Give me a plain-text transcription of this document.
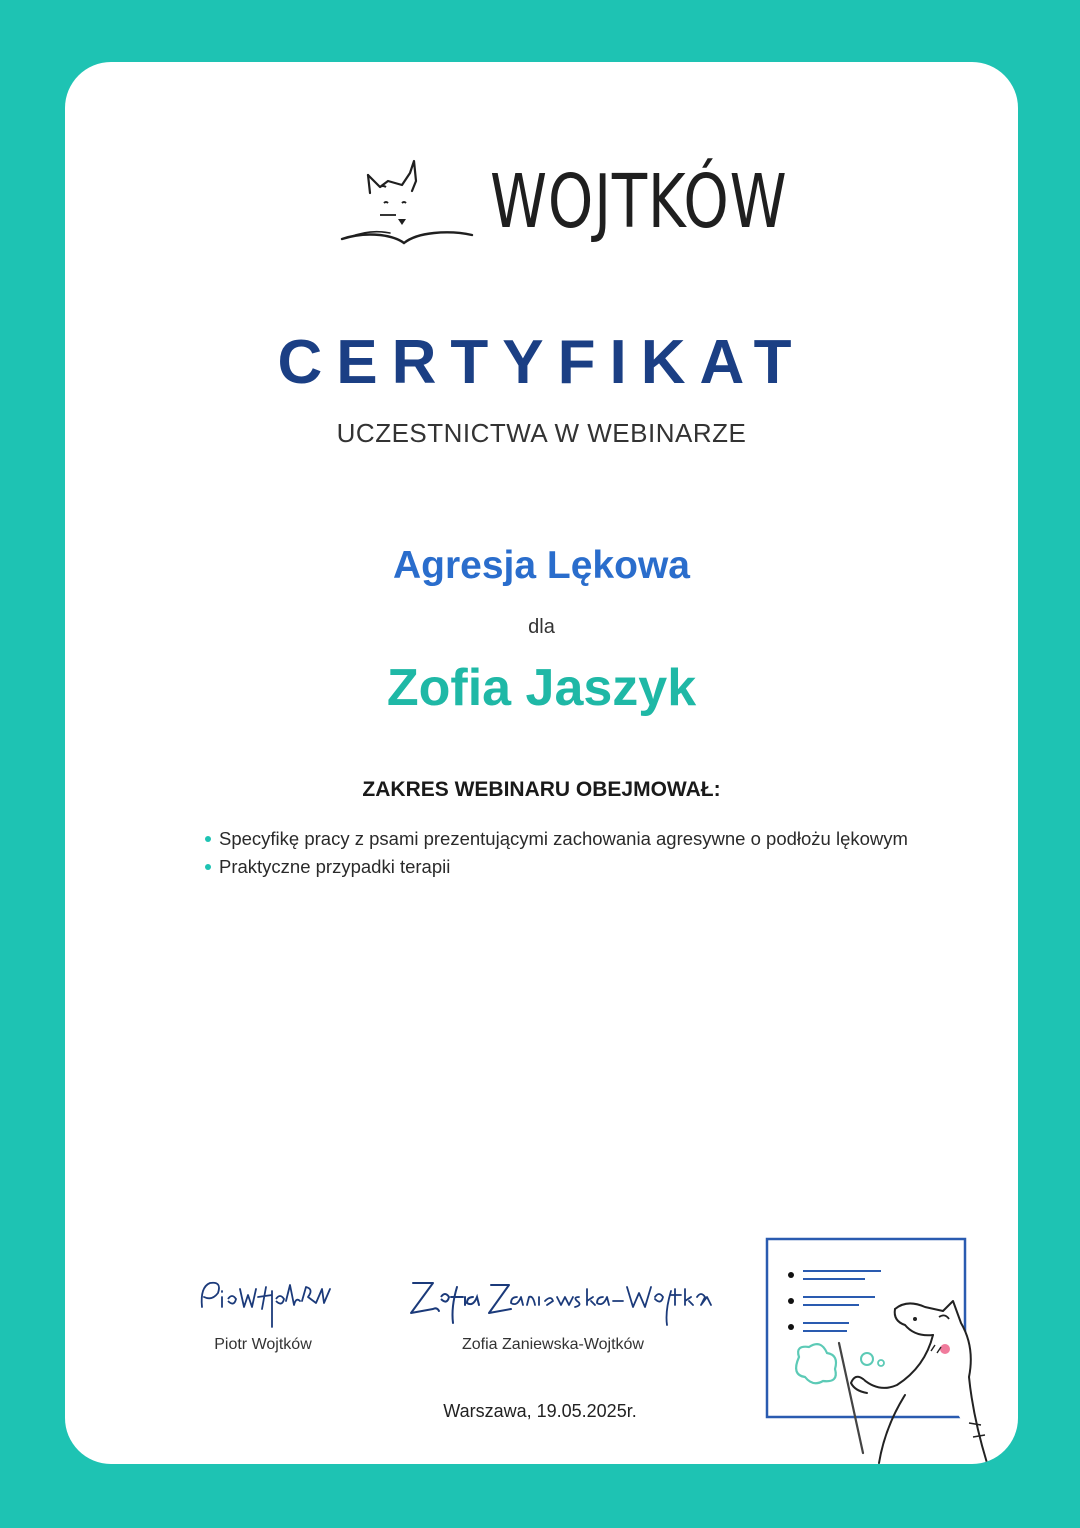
WOJTKÓW
CERTYFIKAT
UCZESTNICTWA W WEBINARZE
Agresja Lękowa
dla
Zofia Jaszyk
ZAKRES WEBINARU OBEJMOWAŁ:
Specyfikę pracy z psami prezentującymi zachowania agresywne o podłożu lękowym
Praktyczne przypadki terapii
Piotr Wojtków	Zofia Zaniewska-Wojtków
Warszawa, 19.05.2025r.
